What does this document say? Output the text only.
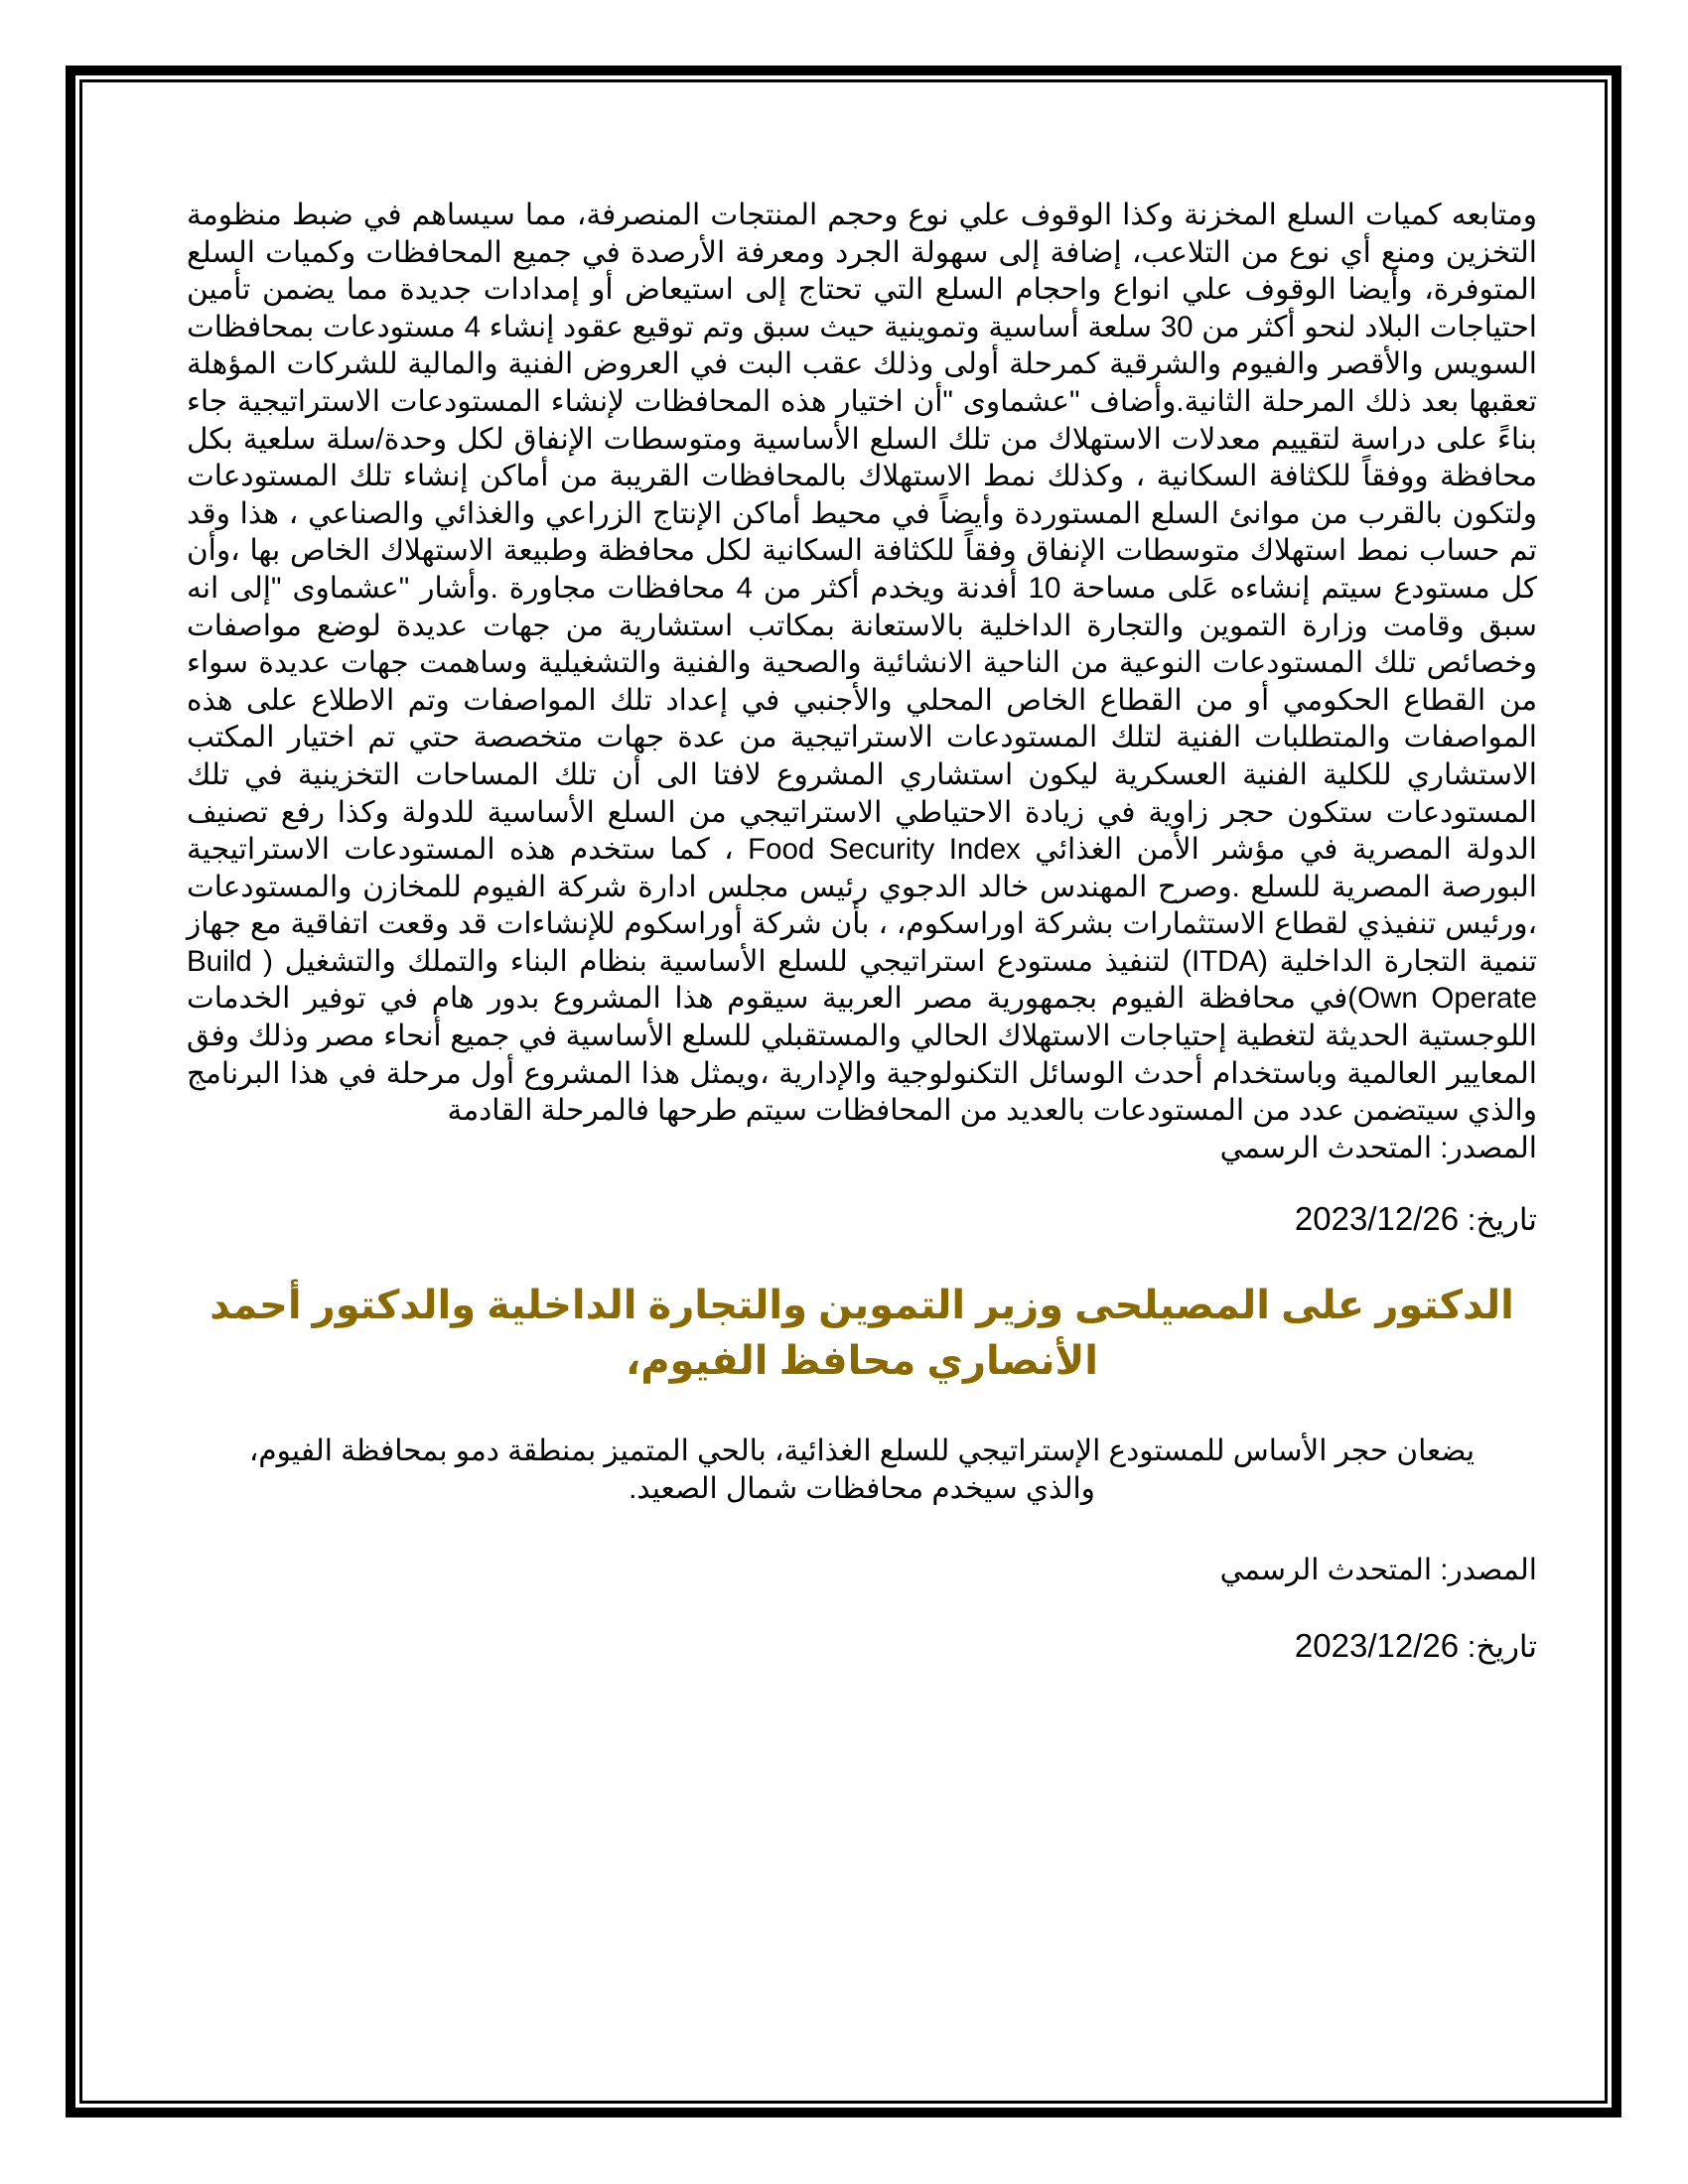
ومتابعه كميات السلع المخزنة وكذا الوقوف علي نوع وحجم المنتجات المنصرفة، مما سيساهم في ضبط منظومة التخزين ومنع أي نوع من التلاعب، إضافة إلى سهولة الجرد ومعرفة الأرصدة في جميع المحافظات وكميات السلع المتوفرة، وأيضا الوقوف علي انواع واحجام السلع التي تحتاج إلى استيعاض أو إمدادات جديدة مما يضمن تأمين احتياجات البلاد لنحو أكثر من 30 سلعة أساسية وتموينية حيث سبق وتم توقيع عقود إنشاء 4 مستودعات بمحافظات السويس والأقصر والفيوم والشرقية كمرحلة أولى وذلك عقب البت في العروض الفنية والمالية للشركات المؤهلة تعقبها بعد ذلك المرحلة الثانية.وأضاف "عشماوى "أن اختيار هذه المحافظات لإنشاء المستودعات الاستراتيجية جاء بناءً على دراسة لتقييم معدلات الاستهلاك من تلك السلع الأساسية ومتوسطات الإنفاق لكل وحدة/سلة سلعية بكل محافظة ووفقاً للكثافة السكانية ، وكذلك نمط الاستهلاك بالمحافظات القريبة من أماكن إنشاء تلك المستودعات ولتكون بالقرب من موانئ السلع المستوردة وأيضاً في محيط أماكن الإنتاج الزراعي والغذائي والصناعي ، هذا وقد تم حساب نمط استهلاك متوسطات الإنفاق وفقاً للكثافة السكانية لكل محافظة وطبيعة الاستهلاك الخاص بها ،وأن كل مستودع سيتم إنشاءه عَلى مساحة 10 أفدنة ويخدم أكثر من 4 محافظات مجاورة .وأشار "عشماوى "إلى انه سبق وقامت وزارة التموين والتجارة الداخلية بالاستعانة بمكاتب استشارية من جهات عديدة لوضع مواصفات وخصائص تلك المستودعات النوعية من الناحية الانشائية والصحية والفنية والتشغيلية وساهمت جهات عديدة سواء من القطاع الحكومي أو من القطاع الخاص المحلي والأجنبي في إعداد تلك المواصفات وتم الاطلاع على هذه المواصفات والمتطلبات الفنية لتلك المستودعات الاستراتيجية من عدة جهات متخصصة حتي تم اختيار المكتب الاستشاري للكلية الفنية العسكرية ليكون استشاري المشروع لافتا الى أن تلك المساحات التخزينية في تلك المستودعات ستكون حجر زاوية في زيادة الاحتياطي الاستراتيجي من السلع الأساسية للدولة وكذا رفع تصنيف الدولة المصرية في مؤشر الأمن الغذائي Food Security Index ، كما ستخدم هذه المستودعات الاستراتيجية البورصة المصرية للسلع .وصرح المهندس خالد الدجوي رئيس مجلس ادارة شركة الفيوم للمخازن والمستودعات ،ورئيس تنفيذي لقطاع الاستثمارات بشركة اوراسكوم، ، بأن شركة أوراسكوم للإنشاءات قد وقعت اتفاقية مع جهاز تنمية التجارة الداخلية (ITDA) لتنفيذ مستودع استراتيجي للسلع الأساسية بنظام البناء والتملك والتشغيل ( Build Own Operate)في محافظة الفيوم بجمهورية مصر العربية سيقوم هذا المشروع بدور هام في توفير الخدمات اللوجستية الحديثة لتغطية إحتياجات الاستهلاك الحالي والمستقبلي للسلع الأساسية في جميع أنحاء مصر وذلك وفق المعايير العالمية وباستخدام أحدث الوسائل التكنولوجية والإدارية ،ويمثل هذا المشروع أول مرحلة في هذا البرنامج والذي سيتضمن عدد من المستودعات بالعديد من المحافظات سيتم طرحها فالمرحلة القادمة

المصدر: المتحدث الرسمي

تاريخ: 2023/12/26
الدكتور على المصيلحى وزير التموين والتجارة الداخلية والدكتور أحمد الأنصاري محافظ الفيوم،

يضعان حجر الأساس للمستودع الإستراتيجي للسلع الغذائية، بالحي المتميز بمنطقة دمو بمحافظة الفيوم، والذي سيخدم محافظات شمال الصعيد.

المصدر: المتحدث الرسمي

تاريخ: 2023/12/26
